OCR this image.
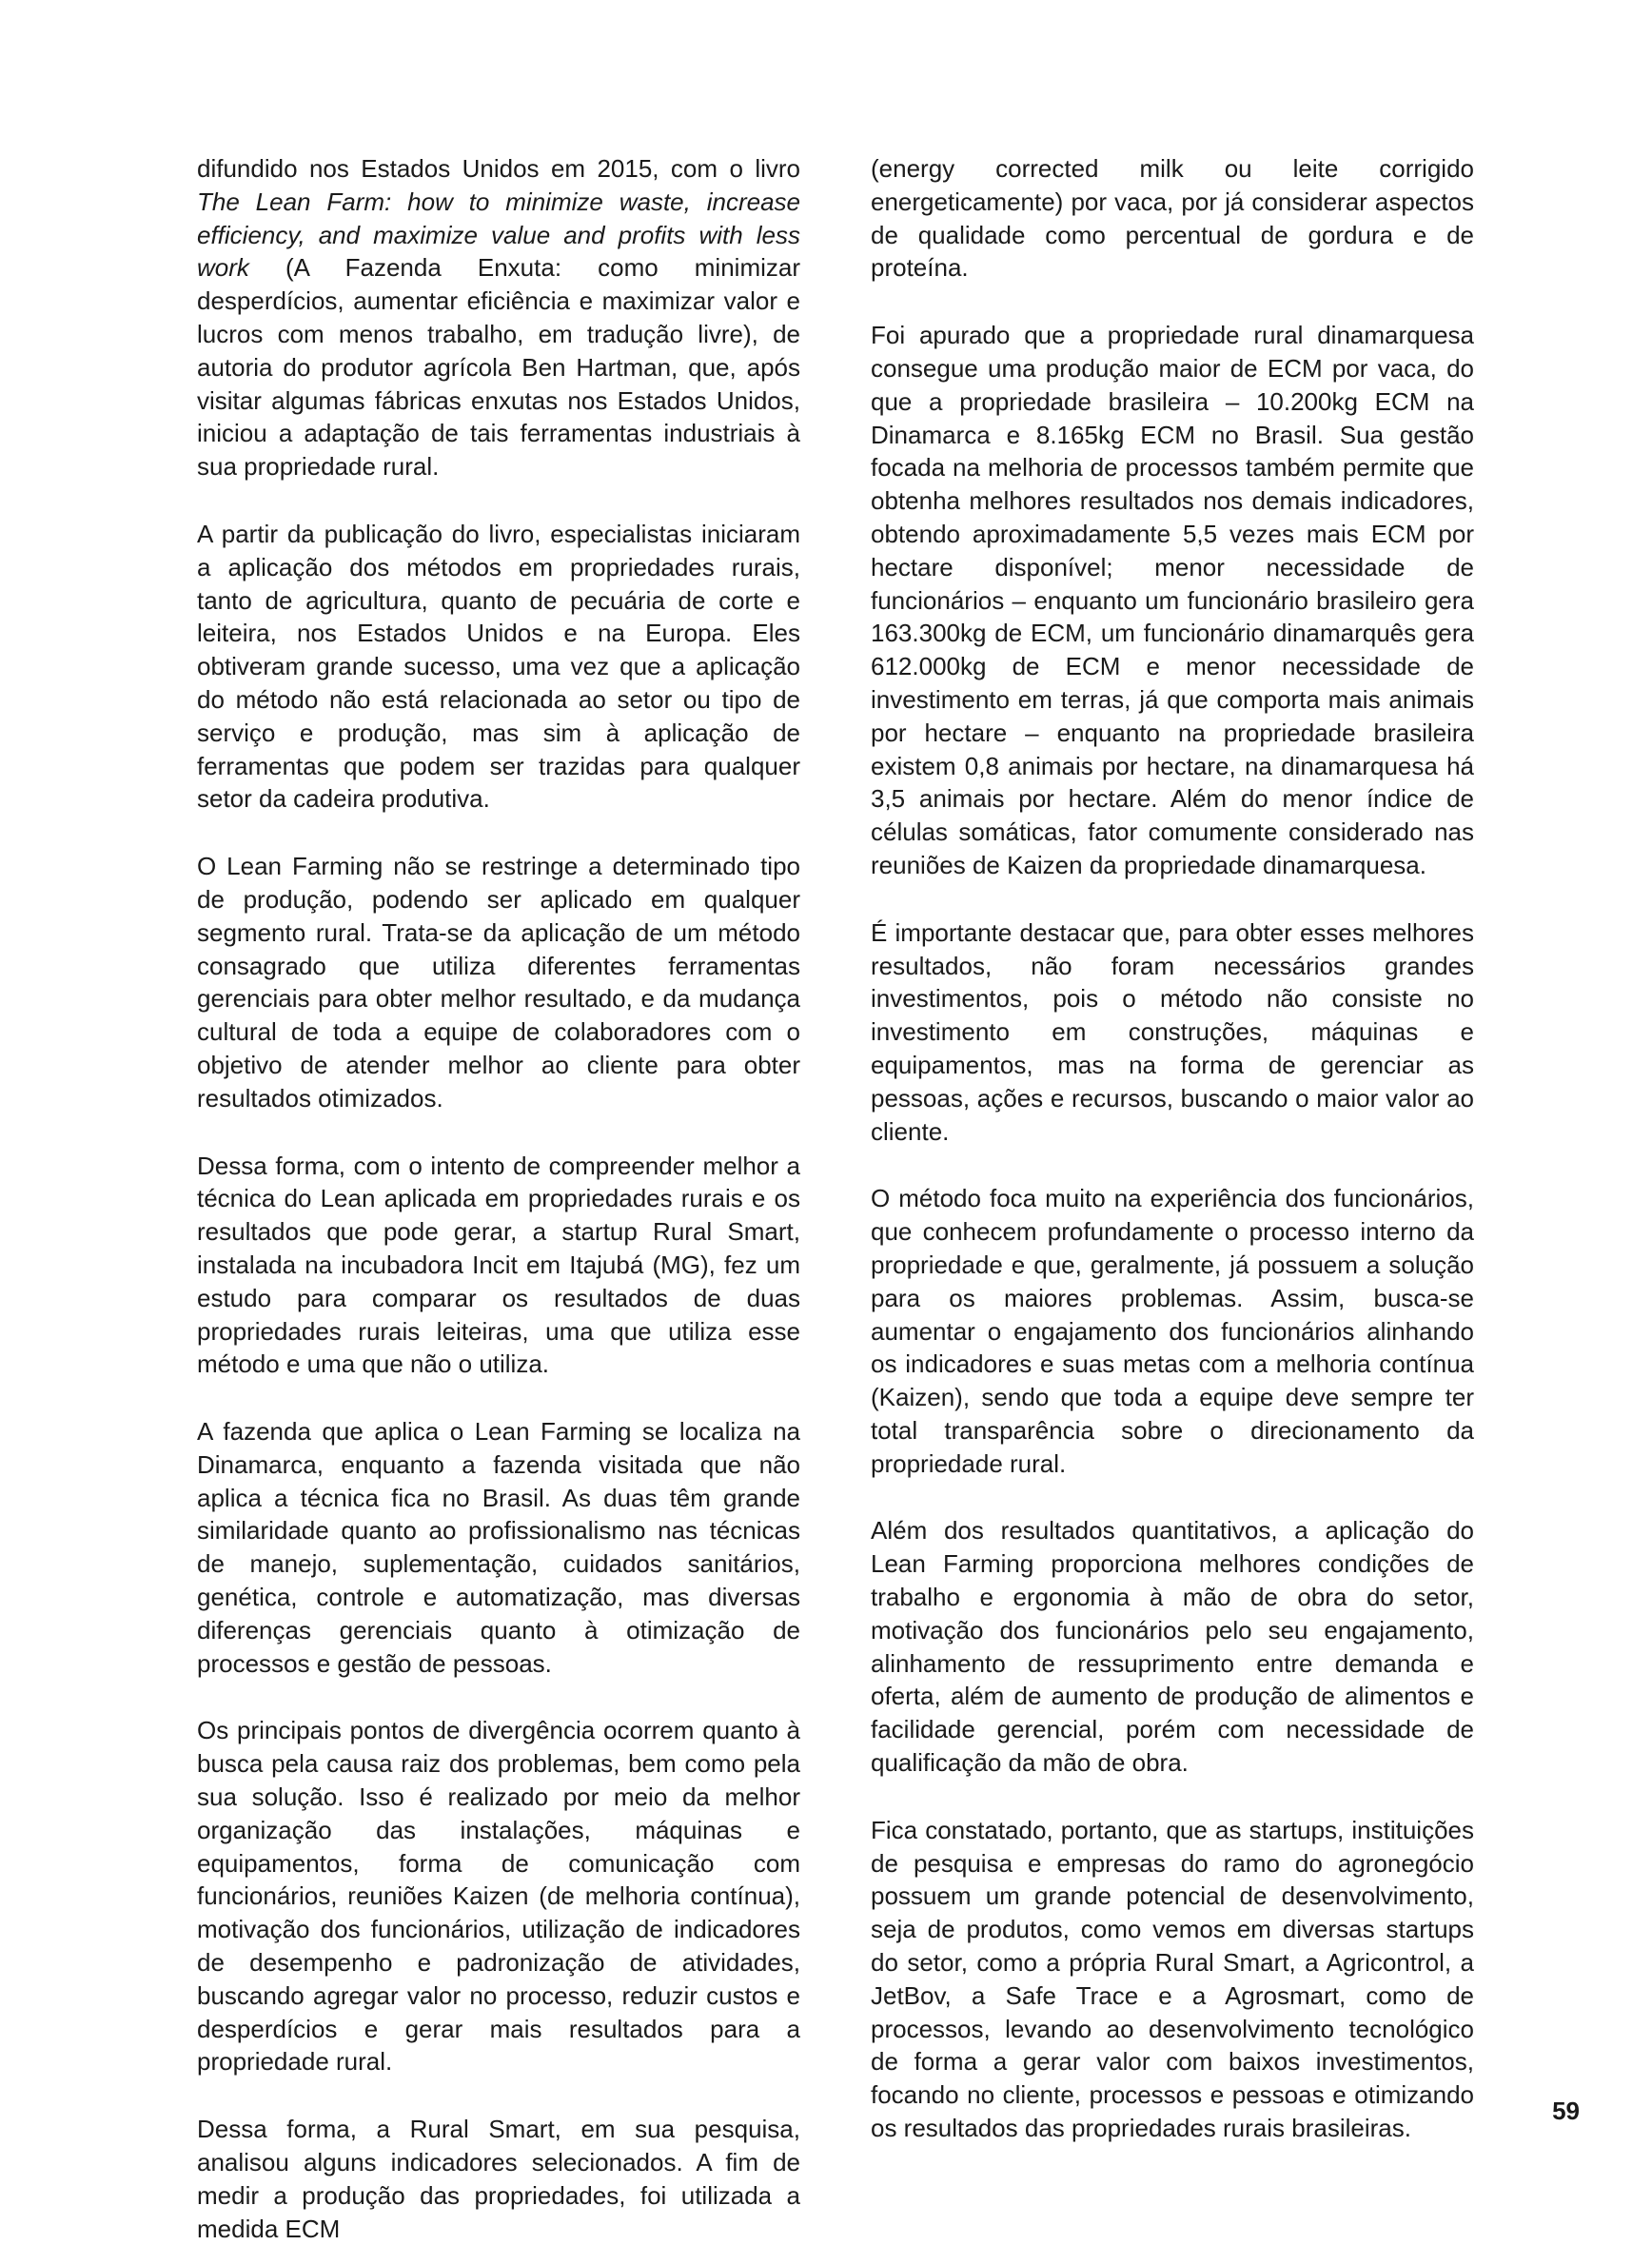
difundido nos Estados Unidos em 2015, com o livro The Lean Farm: how to minimize waste, increase efficiency, and maximize value and profits with less work (A Fazenda Enxuta: como minimizar desperdícios, aumentar eficiência e maximizar valor e lucros com menos trabalho, em tradução livre), de autoria do produtor agrícola Ben Hartman, que, após visitar algumas fábricas enxutas nos Estados Unidos, iniciou a adaptação de tais ferramentas industriais à sua propriedade rural.

A partir da publicação do livro, especialistas iniciaram a aplicação dos métodos em propriedades rurais, tanto de agricultura, quanto de pecuária de corte e leiteira, nos Estados Unidos e na Europa. Eles obtiveram grande sucesso, uma vez que a aplicação do método não está relacionada ao setor ou tipo de serviço e produção, mas sim à aplicação de ferramentas que podem ser trazidas para qualquer setor da cadeira produtiva.

O Lean Farming não se restringe a determinado tipo de produção, podendo ser aplicado em qualquer segmento rural. Trata-se da aplicação de um método consagrado que utiliza diferentes ferramentas gerenciais para obter melhor resultado, e da mudança cultural de toda a equipe de colaboradores com o objetivo de atender melhor ao cliente para obter resultados otimizados.

Dessa forma, com o intento de compreender melhor a técnica do Lean aplicada em propriedades rurais e os resultados que pode gerar, a startup Rural Smart, instalada na incubadora Incit em Itajubá (MG), fez um estudo para comparar os resultados de duas propriedades rurais leiteiras, uma que utiliza esse método e uma que não o utiliza.

A fazenda que aplica o Lean Farming se localiza na Dinamarca, enquanto a fazenda visitada que não aplica a técnica fica no Brasil. As duas têm grande similaridade quanto ao profissionalismo nas técnicas de manejo, suplementação, cuidados sanitários, genética, controle e automatização, mas diversas diferenças gerenciais quanto à otimização de processos e gestão de pessoas.

Os principais pontos de divergência ocorrem quanto à busca pela causa raiz dos problemas, bem como pela sua solução. Isso é realizado por meio da melhor organização das instalações, máquinas e equipamentos, forma de comunicação com funcionários, reuniões Kaizen (de melhoria contínua), motivação dos funcionários, utilização de indicadores de desempenho e padronização de atividades, buscando agregar valor no processo, reduzir custos e desperdícios e gerar mais resultados para a propriedade rural.

Dessa forma, a Rural Smart, em sua pesquisa, analisou alguns indicadores selecionados. A fim de medir a produção das propriedades, foi utilizada a medida ECM

(energy corrected milk ou leite corrigido energeticamente) por vaca, por já considerar aspectos de qualidade como percentual de gordura e de proteína.

Foi apurado que a propriedade rural dinamarquesa consegue uma produção maior de ECM por vaca, do que a propriedade brasileira – 10.200kg ECM na Dinamarca e 8.165kg ECM no Brasil. Sua gestão focada na melhoria de processos também permite que obtenha melhores resultados nos demais indicadores, obtendo aproximadamente 5,5 vezes mais ECM por hectare disponível; menor necessidade de funcionários – enquanto um funcionário brasileiro gera 163.300kg de ECM, um funcionário dinamarquês gera 612.000kg de ECM e menor necessidade de investimento em terras, já que comporta mais animais por hectare – enquanto na propriedade brasileira existem 0,8 animais por hectare, na dinamarquesa há 3,5 animais por hectare. Além do menor índice de células somáticas, fator comumente considerado nas reuniões de Kaizen da propriedade dinamarquesa.

É importante destacar que, para obter esses melhores resultados, não foram necessários grandes investimentos, pois o método não consiste no investimento em construções, máquinas e equipamentos, mas na forma de gerenciar as pessoas, ações e recursos, buscando o maior valor ao cliente.

O método foca muito na experiência dos funcionários, que conhecem profundamente o processo interno da propriedade e que, geralmente, já possuem a solução para os maiores problemas. Assim, busca-se aumentar o engajamento dos funcionários alinhando os indicadores e suas metas com a melhoria contínua (Kaizen), sendo que toda a equipe deve sempre ter total transparência sobre o direcionamento da propriedade rural.

Além dos resultados quantitativos, a aplicação do Lean Farming proporciona melhores condições de trabalho e ergonomia à mão de obra do setor, motivação dos funcionários pelo seu engajamento, alinhamento de ressuprimento entre demanda e oferta, além de aumento de produção de alimentos e facilidade gerencial, porém com necessidade de qualificação da mão de obra.

Fica constatado, portanto, que as startups, instituições de pesquisa e empresas do ramo do agronegócio possuem um grande potencial de desenvolvimento, seja de produtos, como vemos em diversas startups do setor, como a própria Rural Smart, a Agricontrol, a JetBov, a Safe Trace e a Agrosmart, como de processos, levando ao desenvolvimento tecnológico de forma a gerar valor com baixos investimentos, focando no cliente, processos e pessoas e otimizando os resultados das propriedades rurais brasileiras.

59
